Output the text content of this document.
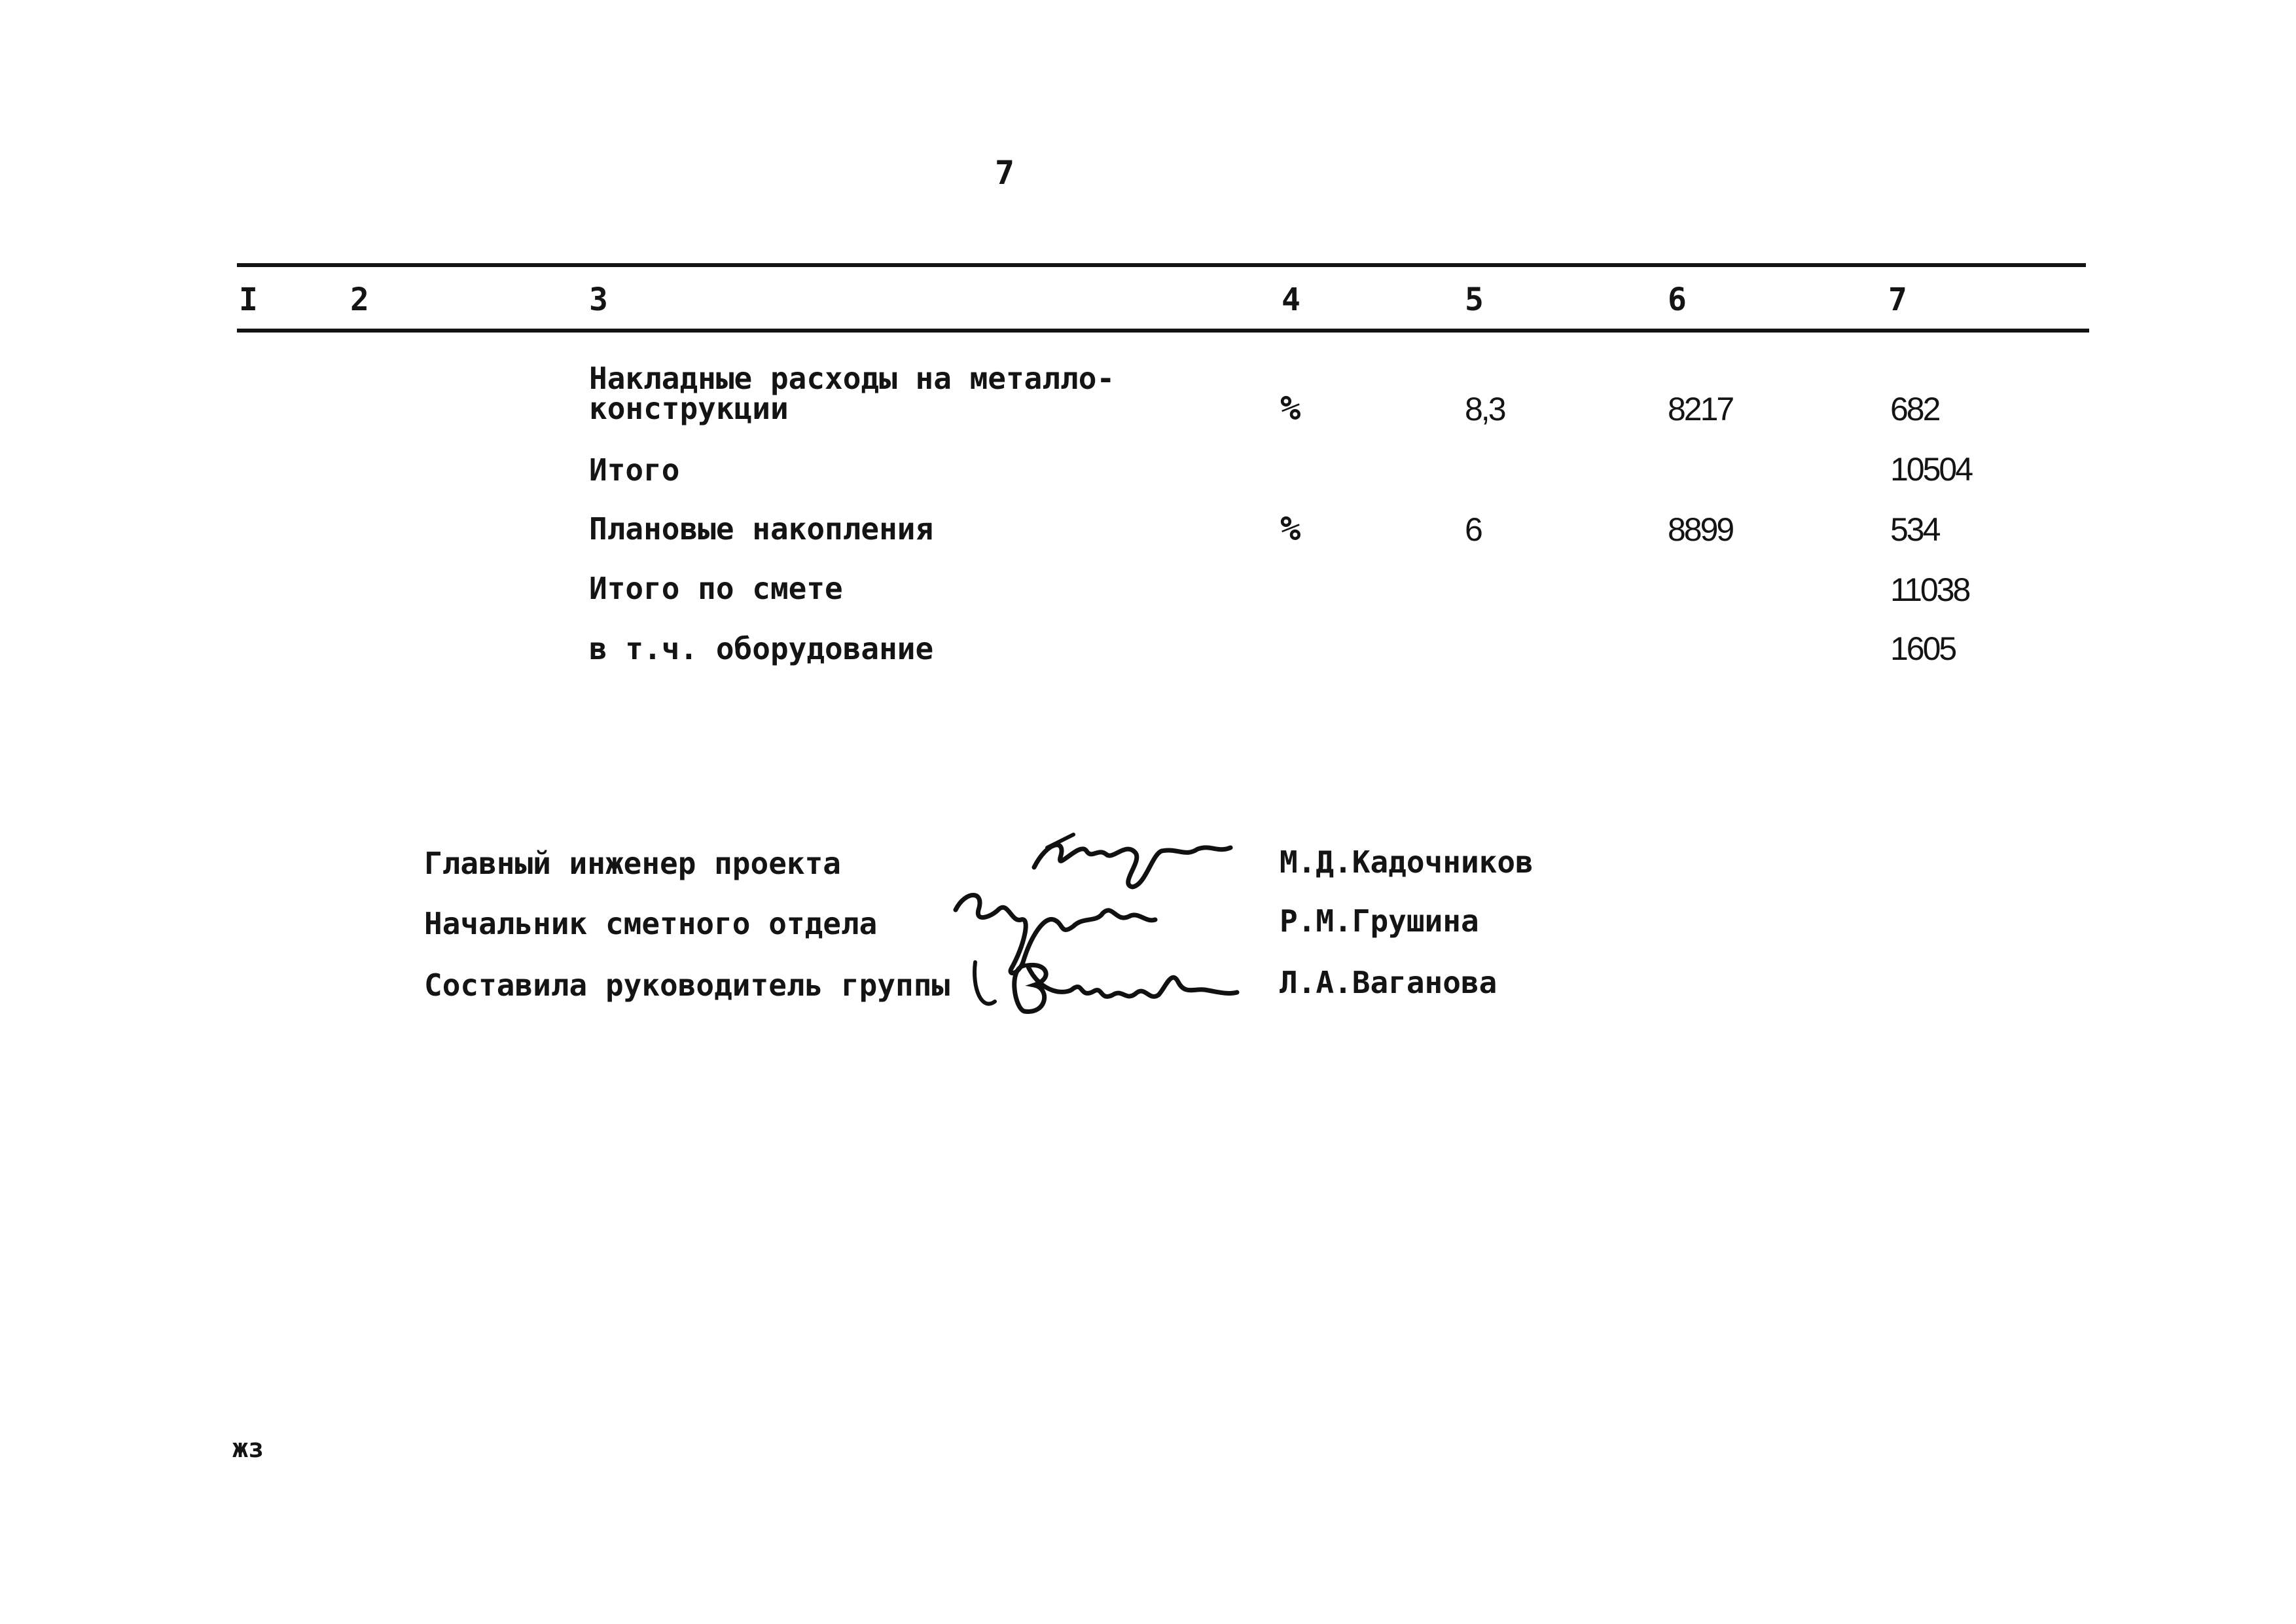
7
I	2	3	4	5	6	7
Накладные расходы на металло-
конструкции	%	8,3	8217	682
Итого	10504
Плановые накопления	%	6	8899	534
Итого по смете	11038
в т.ч. оборудование	1605
Главный инженер проекта
Начальник сметного отдела
Составила руководитель группы
М.Д.Кадочников
Р.М.Грушина
Л.А.Ваганова
жз
